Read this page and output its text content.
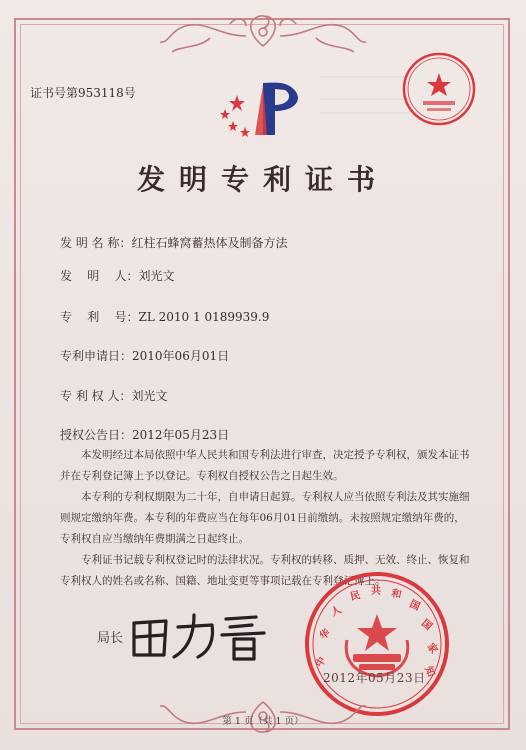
证书号第953118号
发明专利证书
发 明 名 称：红柱石蜂窝蓄热体及制备方法
发    明    人：刘光文
专    利    号：ZL 2010 1 0189939.9
专利申请日：2010年06月01日
专 利 权 人：刘光文
授权公告日：2012年05月23日

本发明经过本局依照中华人民共和国专利法进行审查，决定授予专利权，颁发本证书并在专利登记簿上予以登记。专利权自授权公告之日起生效。

本专利的专利权期限为二十年，自申请日起算。专利权人应当依照专利法及其实施细则规定缴纳年费。本专利的年费应当在每年06月01日前缴纳。未按照规定缴纳年费的，专利权自应当缴纳年费期满之日起终止。

专利证书记载专利权登记时的法律状况。专利权的转移、质押、无效、终止、恢复和专利权人的姓名或名称、国籍、地址变更等事项记载在专利登记簿上。

局长
中
华
人
民 共 和
国
国
家
知
2012年05月23日
第 1 页（共 1 页）
